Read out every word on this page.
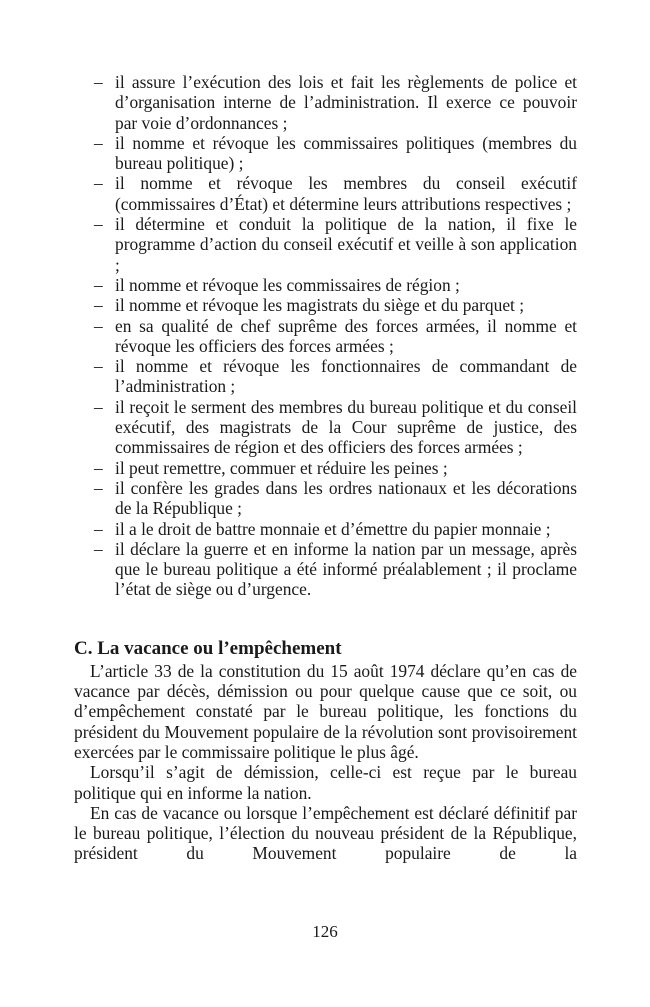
– il assure l’exécution des lois et fait les règlements de police et d’organisation interne de l’administration. Il exerce ce pouvoir par voie d’ordonnances ;
– il nomme et révoque les commissaires politiques (membres du bureau politique) ;
– il nomme et révoque les membres du conseil exécutif (commissaires d’État) et détermine leurs attributions respectives ;
– il détermine et conduit la politique de la nation, il fixe le programme d’action du conseil exécutif et veille à son application ;
– il nomme et révoque les commissaires de région ;
– il nomme et révoque les magistrats du siège et du parquet ;
– en sa qualité de chef suprême des forces armées, il nomme et révoque les officiers des forces armées ;
– il nomme et révoque les fonctionnaires de commandant de l’administration ;
– il reçoit le serment des membres du bureau politique et du conseil exécutif, des magistrats de la Cour suprême de justice, des commissaires de région et des officiers des forces armées ;
– il peut remettre, commuer et réduire les peines ;
– il confère les grades dans les ordres nationaux et les décorations de la République ;
– il a le droit de battre monnaie et d’émettre du papier monnaie ;
– il déclare la guerre et en informe la nation par un message, après que le bureau politique a été informé préalablement ; il proclame l’état de siège ou d’urgence.
C. La vacance ou l’empêchement

L’article 33 de la constitution du 15 août 1974 déclare qu’en cas de vacance par décès, démission ou pour quelque cause que ce soit, ou d’empêchement constaté par le bureau politique, les fonctions du président du Mouvement populaire de la révolution sont provisoirement exercées par le commissaire politique le plus âgé.

Lorsqu’il s’agit de démission, celle-ci est reçue par le bureau politique qui en informe la nation.

En cas de vacance ou lorsque l’empêchement est déclaré définitif par le bureau politique, l’élection du nouveau président de la République, président du Mouvement populaire de la

126
